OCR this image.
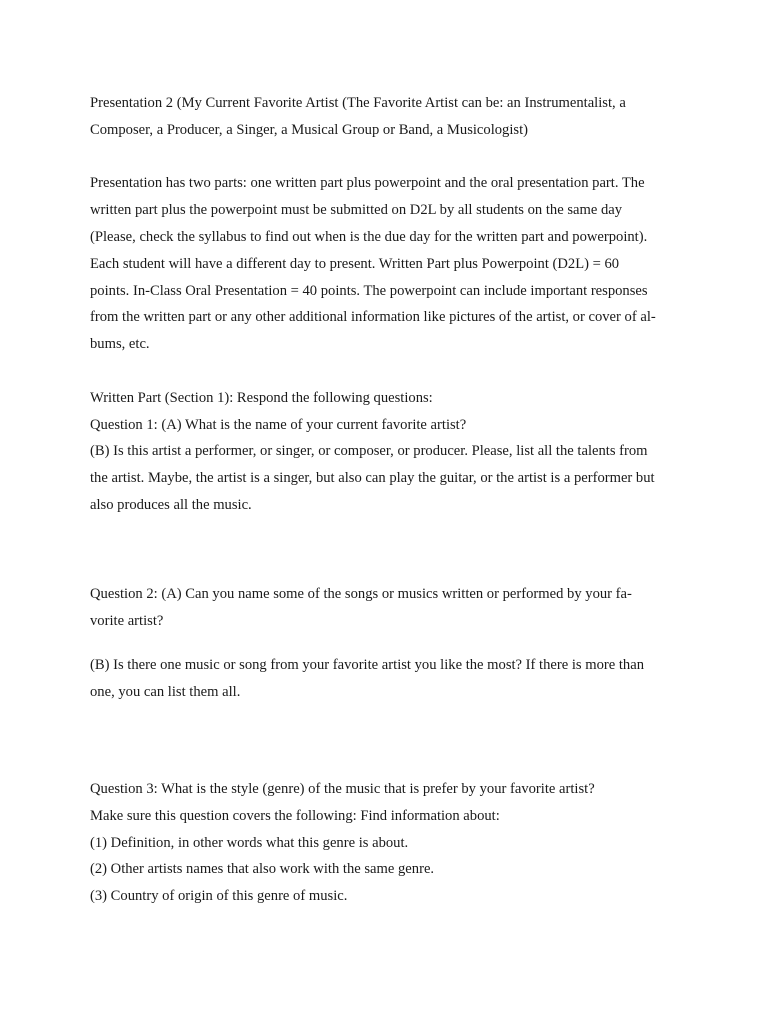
Presentation 2 (My Current Favorite Artist (The Favorite Artist can be: an Instrumentalist, a

Composer, a Producer, a Singer, a Musical Group or Band, a Musicologist)

Presentation has two parts: one written part plus powerpoint and the oral presentation part. The

written part plus the powerpoint must be submitted on D2L by all students on the same day

(Please, check the syllabus to find out when is the due day for the written part and powerpoint).

Each student will have a different day to present. Written Part plus Powerpoint (D2L) = 60

points. In-Class Oral Presentation = 40 points. The powerpoint can include important responses

from the written part or any other additional information like pictures of the artist, or cover of al-

bums, etc.

Written Part (Section 1): Respond the following questions:

Question 1: (A) What is the name of your current favorite artist?

(B) Is this artist a performer, or singer, or composer, or producer. Please, list all the talents from

the artist. Maybe, the artist is a singer, but also can play the guitar, or the artist is a performer but

also produces all the music.

Question 2: (A) Can you name some of the songs or musics written or performed by your fa-

vorite artist?

(B) Is there one music or song from your favorite artist you like the most? If there is more than

one, you can list them all.

Question 3: What is the style (genre) of the music that is prefer by your favorite artist?

Make sure this question covers the following: Find information about:

(1) Definition, in other words what this genre is about.

(2) Other artists names that also work with the same genre.

(3) Country of origin of this genre of music.
